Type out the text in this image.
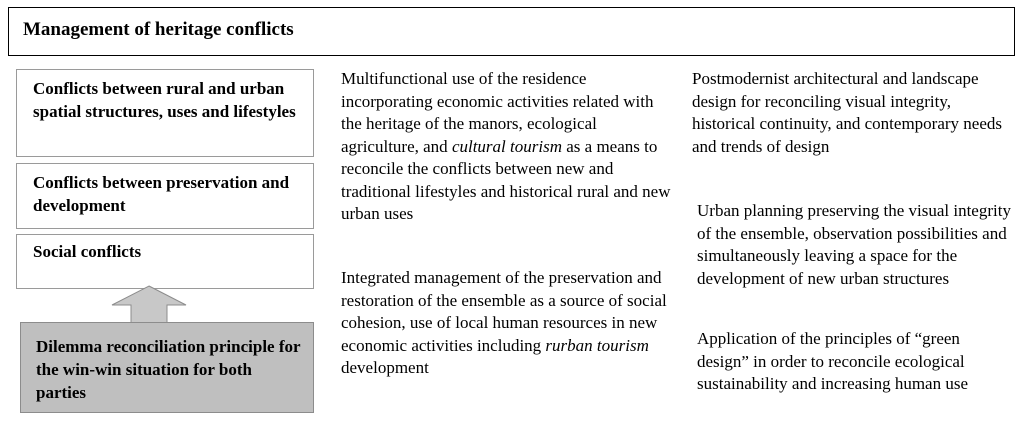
Management of heritage conflicts
Conflicts between rural and urban spatial structures, uses and lifestyles
Conflicts between preservation and development
Social conflicts
Dilemma reconciliation principle for the win-win situation for both parties
Multifunctional use of the residence incorporating economic activities related with the heritage of the manors, ecological agriculture, and cultural tourism as a means to reconcile the conflicts between new and traditional lifestyles and historical rural and new urban uses
Integrated management of the preservation and restoration of the ensemble as a source of social cohesion, use of local human resources in new economic activities including rurban tourism development
Postmodernist architectural and landscape design for reconciling visual integrity, historical continuity, and contemporary needs and trends of design
Urban planning preserving the visual integrity of the ensemble, observation possibilities and simultaneously leaving a space for the development of new urban structures
Application of the principles of “green design” in order to reconcile ecological sustainability and increasing human use
